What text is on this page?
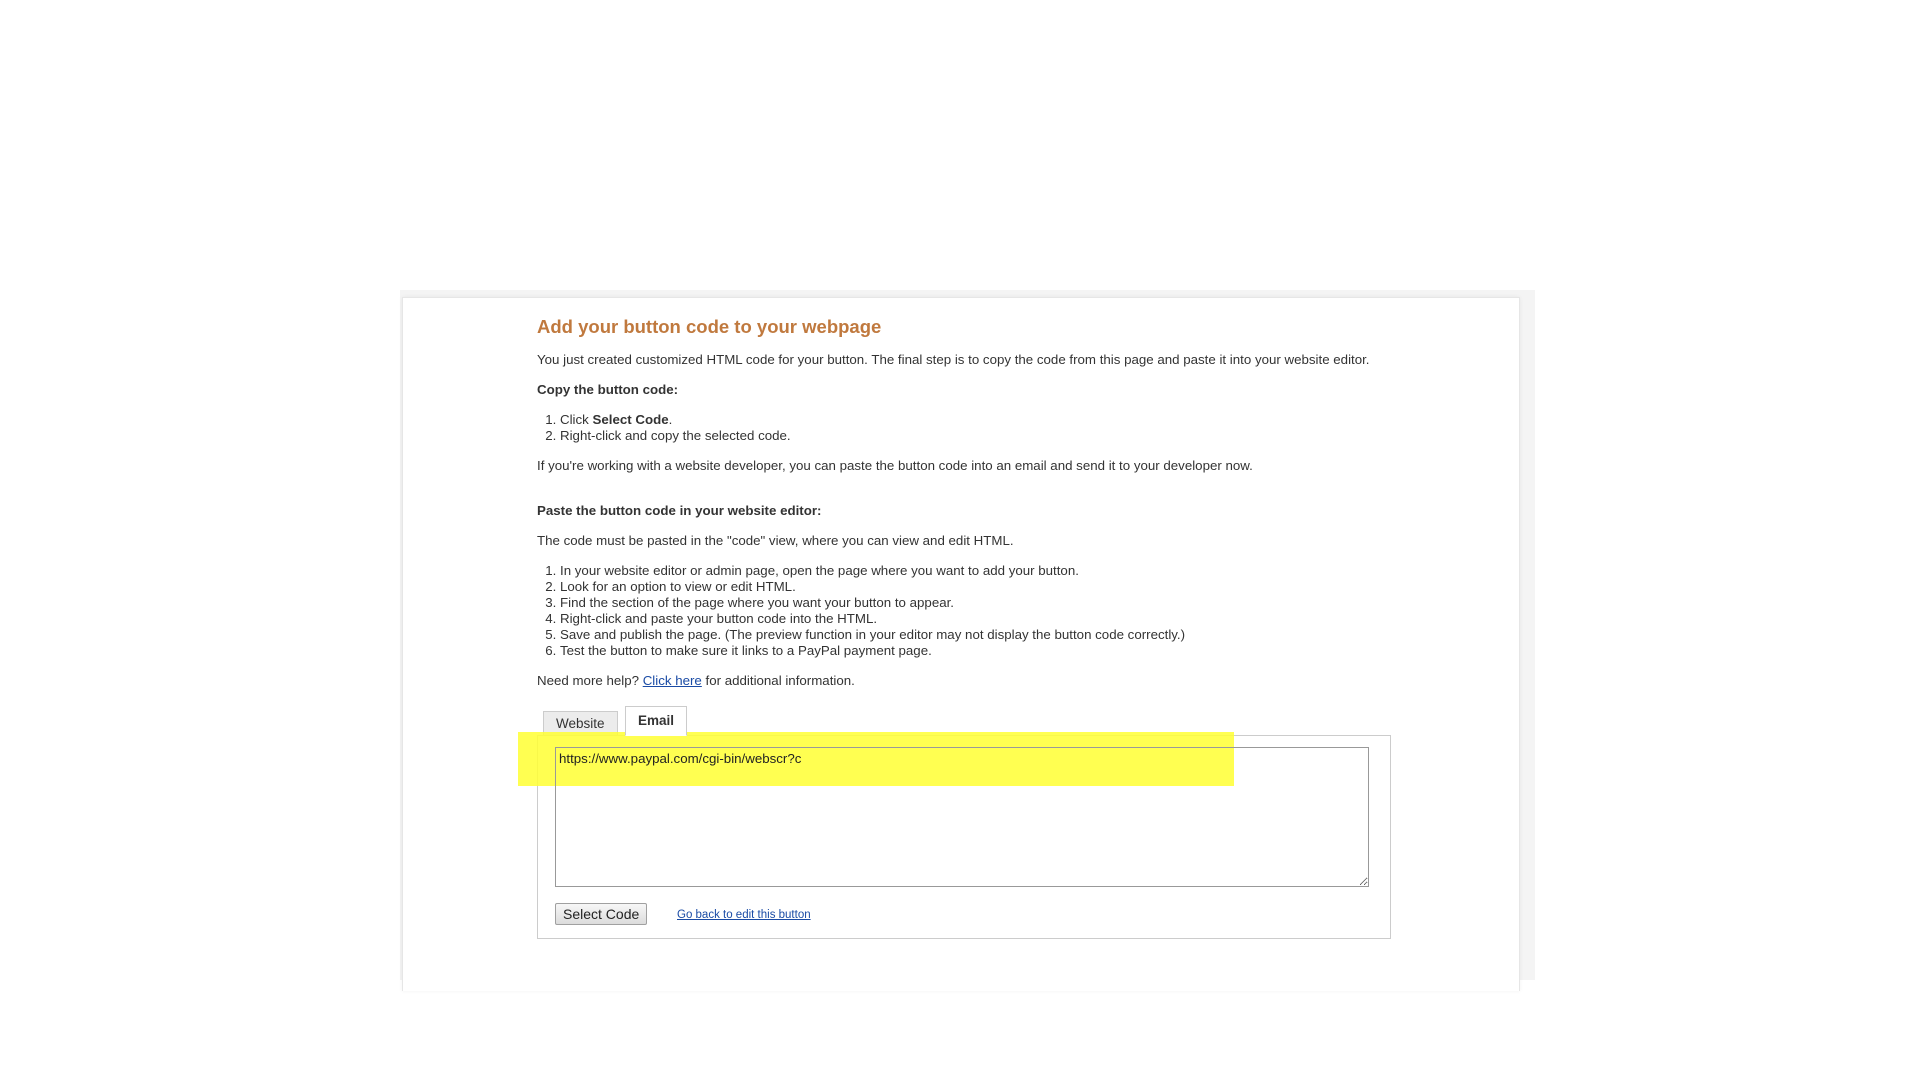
Add your button code to your webpage

You just created customized HTML code for your button. The final step is to copy the code from this page and paste it into your website editor.

Copy the button code:

1. Click Select Code.
2. Right-click and copy the selected code.

If you're working with a website developer, you can paste the button code into an email and send it to your developer now.

Paste the button code in your website editor:

The code must be pasted in the "code" view, where you can view and edit HTML.

1. In your website editor or admin page, open the page where you want to add your button.
2. Look for an option to view or edit HTML.
3. Find the section of the page where you want your button to appear.
4. Right-click and paste your button code into the HTML.
5. Save and publish the page. (The preview function in your editor may not display the button code correctly.)
6. Test the button to make sure it links to a PayPal payment page.

Need more help? Click here for additional information.

Website	Email
https://www.paypal.com/cgi-bin/webscr?c
Select Code	Go back to edit this button
